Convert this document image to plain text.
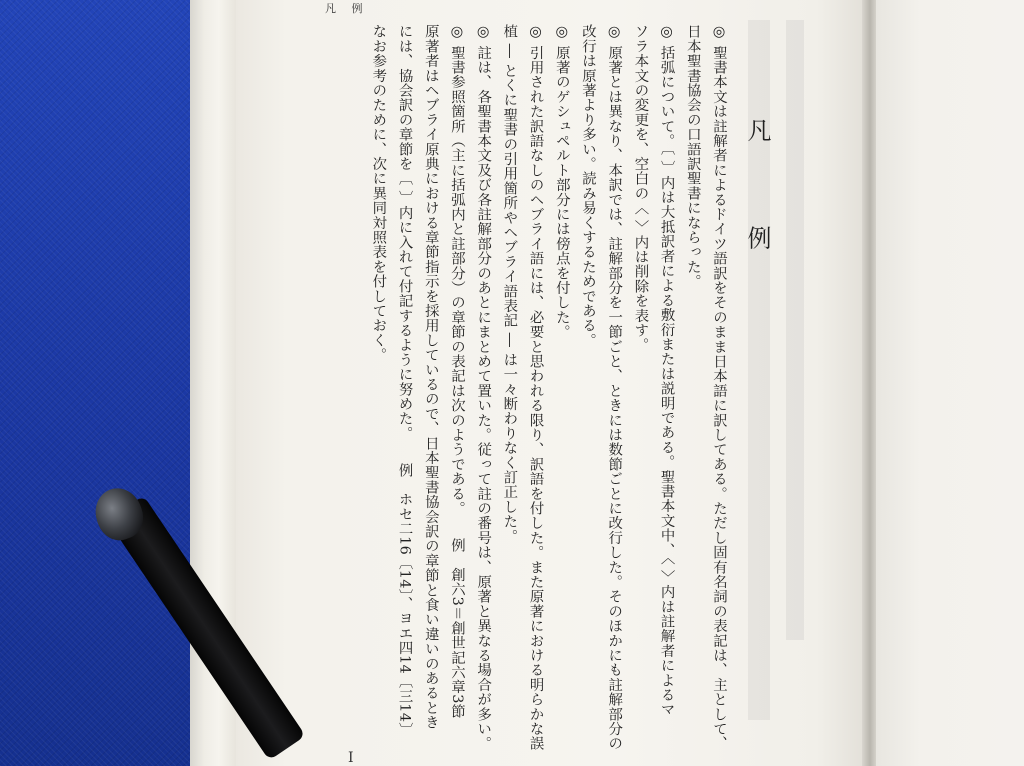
凡 例
凡 例
◎ 聖書本文は註解者によるドイツ語訳をそのまま日本語に訳してある。ただし固有名詞の表記は、主として、
日本聖書協会の口語訳聖書にならった。
◎ 括弧について。〔 〕内は大抵訳者による敷衍または説明である。聖書本文中、〈 〉内は註解者によるマ
ソラ本文の変更を、空白の〈 〉内は削除を表す。
◎ 原著とは異なり、本訳では、註解部分を一節ごと、ときには数節ごとに改行した。そのほかにも註解部分の
改行は原著より多い。読み易くするためである。
◎ 原著のゲシュペルト部分には傍点を付した。
◎ 引用された訳語なしのヘブライ語には、必要と思われる限り、訳語を付した。また原著における明らかな誤
植 ― とくに聖書の引用箇所やヘブライ語表記 ― は一々断わりなく訂正した。
◎ 註は、各聖書本文及び各註解部分のあとにまとめて置いた。従って註の番号は、原著と異なる場合が多い。
◎ 聖書参照箇所（主に括弧内と註部分）の章節の表記は次のようである。　　例　創六3＝創世記六章3節
原著者はヘブライ原典における章節指示を採用しているので、日本聖書協会訳の章節と食い違いのあるとき
には、協会訳の章節を〔 〕内に入れて付記するように努めた。　　例　ホセ二16〔14〕、ヨエ四14〔三14〕
なお参考のために、次に異同対照表を付しておく。
I
